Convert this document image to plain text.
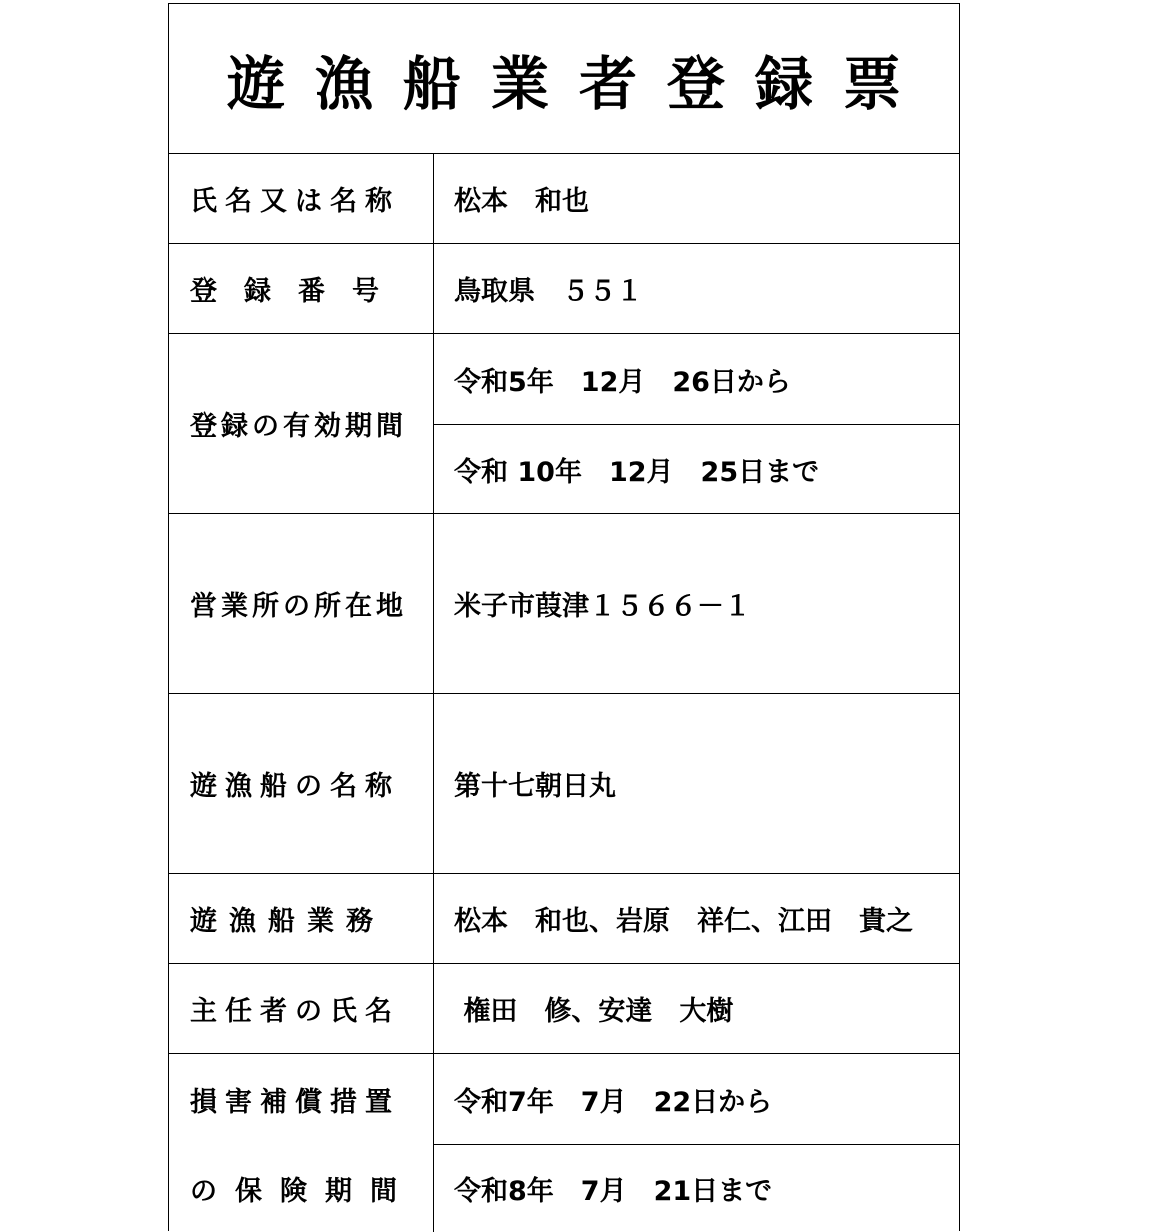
遊漁船業者登録票
氏名又は名称 松本　和也
登　録　番　号	鳥取県　５５１
登録の有効期間
令和5年　12月　26日から
令和 10年　12月　25日まで
営業所の所在地 米子市葭津１５６６－１
遊漁船の名称 第十七朝日丸
遊漁船業務	松本　和也、岩原　祥仁、江田　貴之
主任者の氏名 権田　修、安達　大樹
損害補償措置
の保険期間
令和7年　7月　22日から
令和8年　7月　21日まで
